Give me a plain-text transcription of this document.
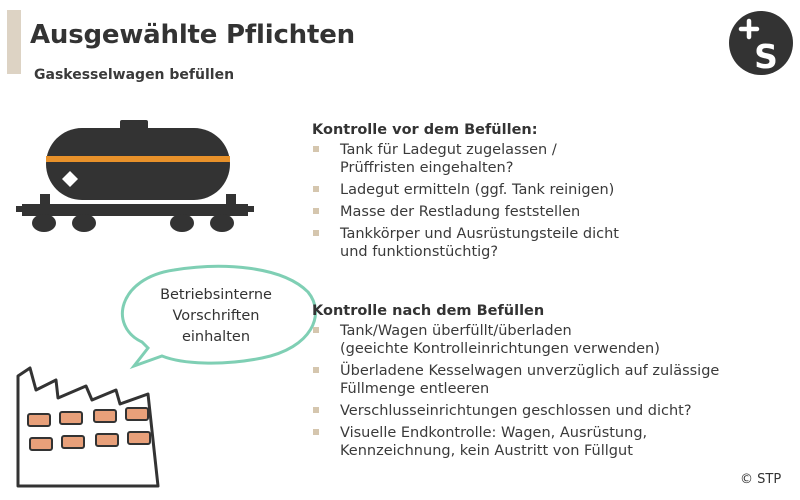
Ausgewählte Pflichten
Gaskesselwagen befüllen	S
Betriebsinterne
Vorschriften
einhalten
Kontrolle vor dem Befüllen:
Tank für Ladegut zugelassen /
Prüffristen eingehalten?
Ladegut ermitteln (ggf. Tank reinigen)
Masse der Restladung feststellen
Tankkörper und Ausrüstungsteile dicht
und funktionstüchtig?
Kontrolle nach dem Befüllen
Tank/Wagen überfüllt/überladen
(geeichte Kontrolleinrichtungen verwenden)
Überladene Kesselwagen unverzüglich auf zulässige
Füllmenge entleeren
Verschlusseinrichtungen geschlossen und dicht?
Visuelle Endkontrolle: Wagen, Ausrüstung,
Kennzeichnung, kein Austritt von Füllgut
© STP
